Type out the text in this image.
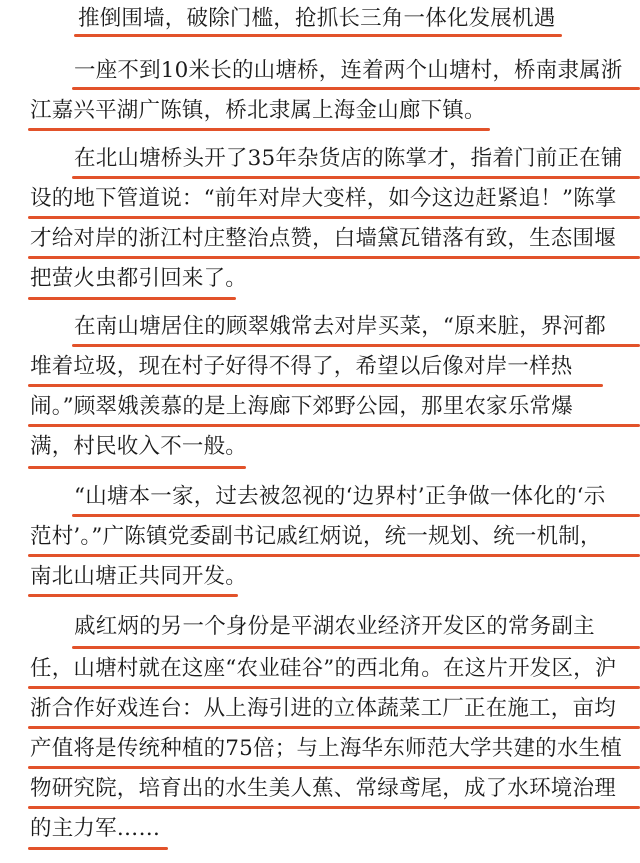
推倒围墙，破除门槛，抢抓长三角一体化发展机遇
一座不到10米长的山塘桥，连着两个山塘村，桥南隶属浙
江嘉兴平湖广陈镇，桥北隶属上海金山廊下镇。
在北山塘桥头开了35年杂货店的陈掌才，指着门前正在铺
设的地下管道说：“前年对岸大变样，如今这边赶紧追！”陈掌
才给对岸的浙江村庄整治点赞，白墙黛瓦错落有致，生态围堰
把萤火虫都引回来了。
在南山塘居住的顾翠娥常去对岸买菜，“原来脏，界河都
堆着垃圾，现在村子好得不得了，希望以后像对岸一样热
闹。”顾翠娥羡慕的是上海廊下郊野公园，那里农家乐常爆
满，村民收入不一般。
“山塘本一家，过去被忽视的‘边界村’正争做一体化的‘示
范村’。”广陈镇党委副书记戚红炳说，统一规划、统一机制，
南北山塘正共同开发。
戚红炳的另一个身份是平湖农业经济开发区的常务副主
任，山塘村就在这座“农业硅谷”的西北角。在这片开发区，沪
浙合作好戏连台：从上海引进的立体蔬菜工厂正在施工，亩均
产值将是传统种植的75倍；与上海华东师范大学共建的水生植
物研究院，培育出的水生美人蕉、常绿鸢尾，成了水环境治理
的主力军……
